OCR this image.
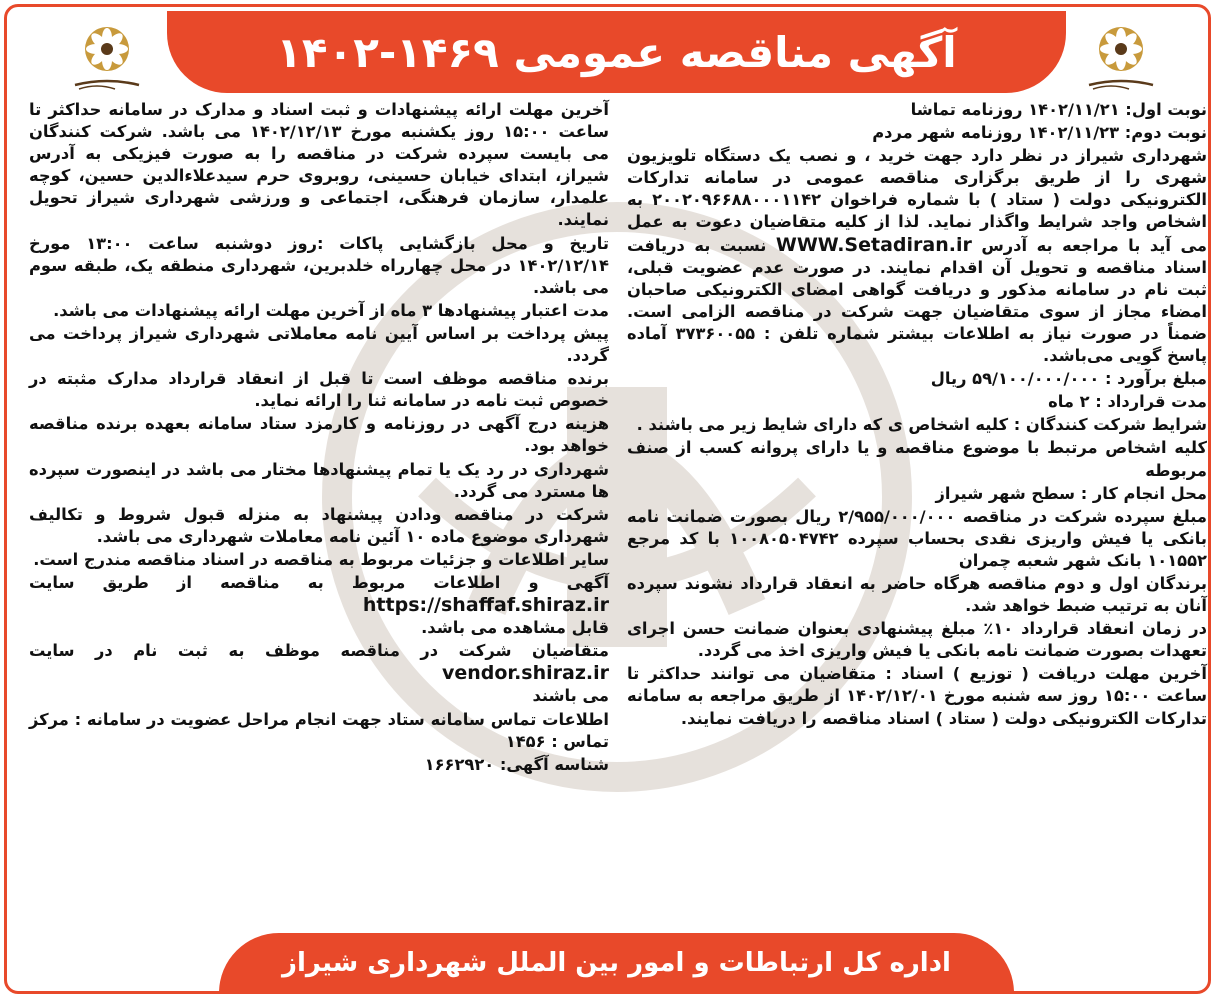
آگهی مناقصه عمومی ۱۴۶۹-۱۴۰۲

نوبت اول: ۱۴۰۲/۱۱/۲۱ روزنامه تماشا

نوبت دوم: ۱۴۰۲/۱۱/۲۳ روزنامه شهر مردم

شهرداری شیراز در نظر دارد جهت خرید ، و نصب یک دستگاه تلویزیون شهری را از طریق برگزاری مناقصه عمومی در سامانه تدارکات الکترونیکی دولت ( ستاد ) با شماره فراخوان ۲۰۰۲۰۹۶۶۸۸۰۰۰۱۱۴۲ به اشخاص واجد شرایط واگذار نماید. لذا از کلیه متقاضیان دعوت به عمل می آید با مراجعه به آدرس WWW.Setadiran.ir نسبت به دریافت اسناد مناقصه و تحویل آن اقدام نمایند. در صورت عدم عضویت قبلی، ثبت نام در سامانه مذکور و دریافت گواهی امضای الکترونیکی صاحبان امضاء مجاز از سوی متقاضیان جهت شرکت در مناقصه الزامی است. ضمناً در صورت نیاز به اطلاعات بیشتر شماره تلفن : ۳۷۳۶۰۰۵۵ آماده پاسخ گویی می‌باشد.

مبلغ برآورد : ۵۹/۱۰۰/۰۰۰/۰۰۰ ریال

مدت قرارداد : ۲ ماه

شرایط شرکت کنندگان : کلیه اشخاص ی که دارای شایط زیر می باشند .

کلیه اشخاص مرتبط با موضوع مناقصه و یا دارای پروانه کسب از صنف مربوطه

محل انجام کار : سطح شهر شیراز

مبلغ سپرده شرکت در مناقصه ۲/۹۵۵/۰۰۰/۰۰۰ ریال بصورت ضمانت نامه بانکی یا فیش واریزی نقدی بحساب سپرده ۱۰۰۸۰۵۰۴۷۴۲ با کد مرجع ۱۰۱۵۵۲ بانک شهر شعبه چمران

برندگان اول و دوم مناقصه هرگاه حاضر به انعقاد قرارداد نشوند سپرده آنان به ترتیب ضبط خواهد شد.

در زمان انعقاد قرارداد ۱۰٪ مبلغ پیشنهادی بعنوان ضمانت حسن اجرای تعهدات بصورت ضمانت نامه بانکی یا فیش واریزی اخذ می گردد.

آخرین مهلت دریافت ( توزیع ) اسناد : متقاضیان می توانند حداکثر تا ساعت ۱۵:۰۰ روز سه شنبه مورخ ۱۴۰۲/۱۲/۰۱ از طریق مراجعه به سامانه تدارکات الکترونیکی دولت ( ستاد ) اسناد مناقصه را دریافت نمایند.

آخرین مهلت ارائه پیشنهادات و ثبت اسناد و مدارک در سامانه حداکثر تا ساعت ۱۵:۰۰ روز یکشنبه مورخ ۱۴۰۲/۱۲/۱۳ می باشد. شرکت کنندگان می بایست سپرده شرکت در مناقصه را به صورت فیزیکی به آدرس شیراز، ابتدای خیابان حسینی، روبروی حرم سیدعلاءالدین حسین، کوچه علمدار، سازمان فرهنگی، اجتماعی و ورزشی شهرداری شیراز تحویل نمایند.

تاریخ و محل بازگشایی پاکات :روز دوشنبه ساعت ۱۳:۰۰ مورخ ۱۴۰۲/۱۲/۱۴ در محل چهارراه خلدبرین، شهرداری منطقه یک، طبقه سوم می باشد.

مدت اعتبار پیشنهادها ۳ ماه از آخرین مهلت ارائه پیشنهادات می باشد.

پیش پرداخت بر اساس آیین نامه معاملاتی شهرداری شیراز پرداخت می گردد.

برنده مناقصه موظف است تا قبل از انعقاد قرارداد مدارک مثبته در خصوص ثبت نامه در سامانه ثنا را ارائه نماید.

هزینه درج آگهی در روزنامه و کارمزد ستاد سامانه بعهده برنده مناقصه خواهد بود.

شهرداری در رد یک یا تمام پیشنهادها مختار می باشد در اینصورت سپرده ها مسترد می گردد.

شرکت در مناقصه ودادن پیشنهاد به منزله قبول شروط و تکالیف شهرداری موضوع ماده ۱۰ آئین نامه معاملات شهرداری می باشد.

سایر اطلاعات و جزئیات مربوط به مناقصه در اسناد مناقصه مندرج است.

آگهی و اطلاعات مربوط به مناقصه از طریق سایت https://shaffaf.shiraz.ir
قابل مشاهده می باشد.

متقاضیان شرکت در مناقصه موظف به ثبت نام در سایت vendor.shiraz.ir
می باشند

اطلاعات تماس سامانه ستاد جهت انجام مراحل عضویت در سامانه : مرکز تماس : ۱۴۵۶

شناسه آگهی: ۱۶۶۲۹۲۰

اداره کل ارتباطات و امور بین الملل شهرداری شیراز
